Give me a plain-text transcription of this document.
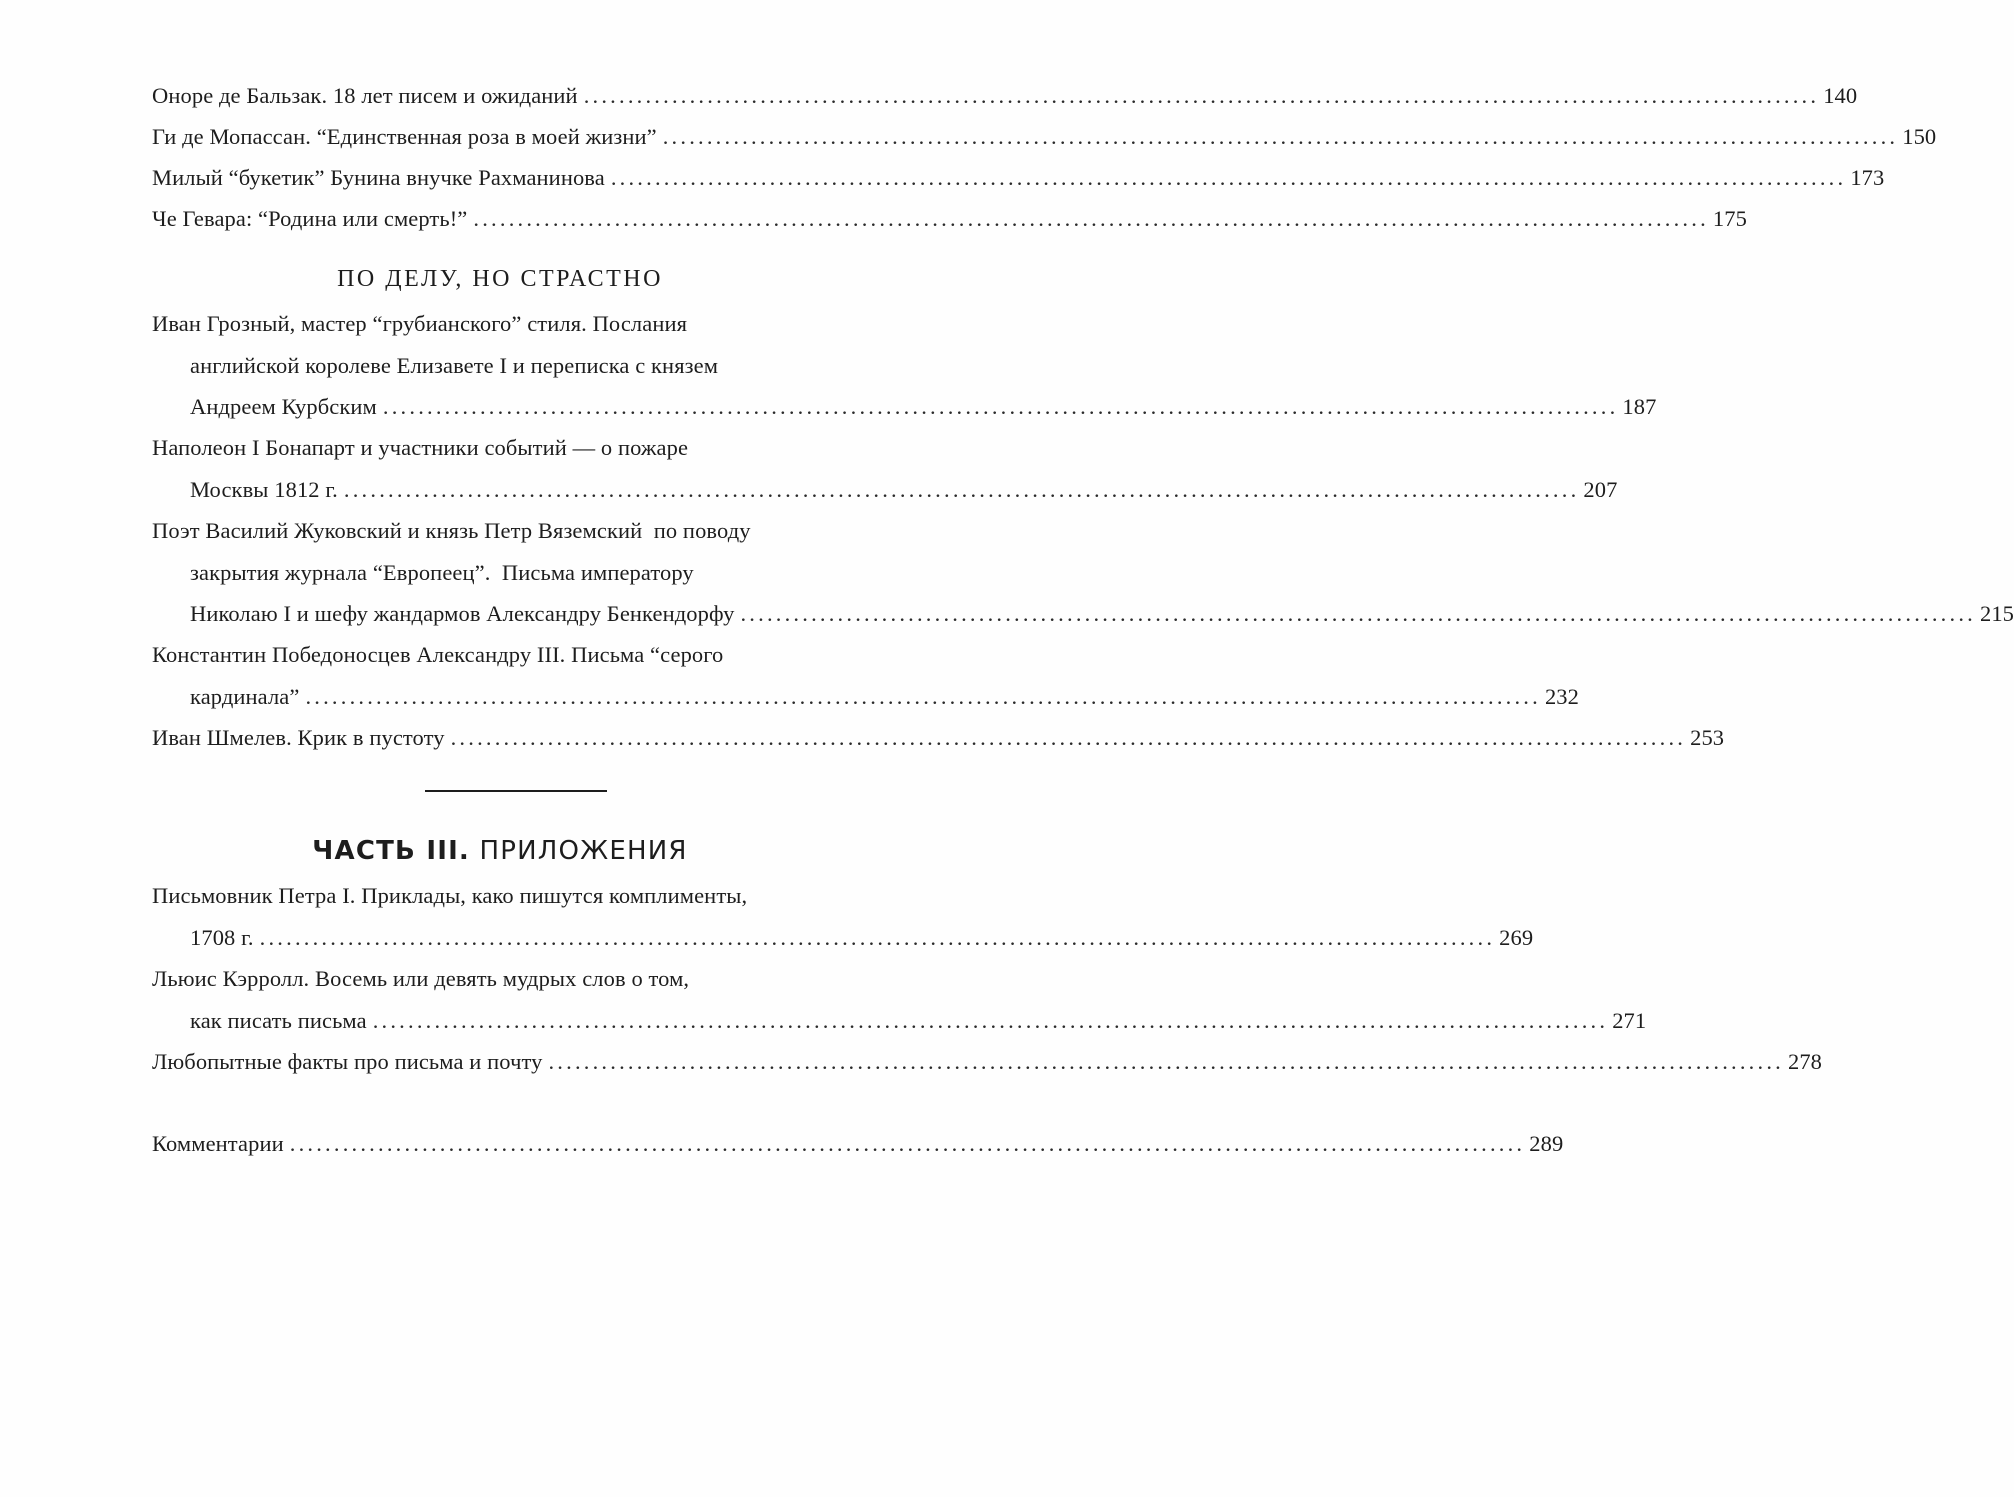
Оноре де Бальзак. 18 лет писем и ожиданий ............................................................................................................................................ 140
Ги де Мопассан. “Единственная роза в моей жизни” ............................................................................................................................................ 150
Милый “букетик” Бунина внучке Рахманинова ............................................................................................................................................ 173
Че Гевара: “Родина или смерть!” ............................................................................................................................................ 175
ПО ДЕЛУ, НО СТРАСТНО
Иван Грозный, мастер “грубианского” стиля. Послания
английской королеве Елизавете I и переписка с князем
Андреем Курбским ............................................................................................................................................ 187
Наполеон I Бонапарт и участники событий — о пожаре
Москвы 1812 г. ............................................................................................................................................ 207
Поэт Василий Жуковский и князь Петр Вяземский  по поводу
закрытия журнала “Европеец”.  Письма императору
Николаю I и шефу жандармов Александру Бенкендорфу ............................................................................................................................................ 215
Константин Победоносцев Александру III. Письма “серого
кардинала” ............................................................................................................................................ 232
Иван Шмелев. Крик в пустоту ............................................................................................................................................ 253
ЧАСТЬ III. ПРИЛОЖЕНИЯ
Письмовник Петра I. Приклады, како пишутся комплименты,
1708 г. ............................................................................................................................................ 269
Льюис Кэрролл. Восемь или девять мудрых слов о том,
как писать письма ............................................................................................................................................ 271
Любопытные факты про письма и почту ............................................................................................................................................ 278
Комментарии ............................................................................................................................................ 289
